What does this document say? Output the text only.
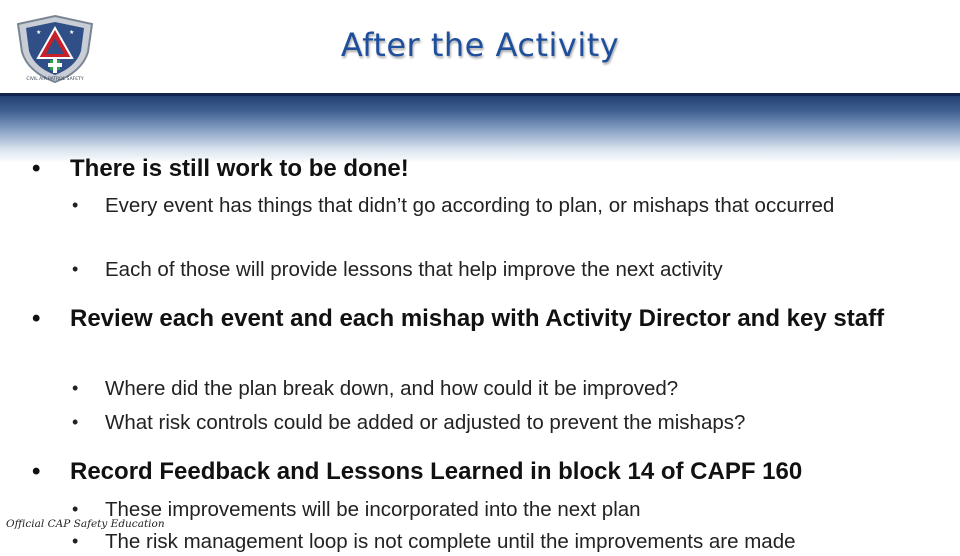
★	★
CIVIL AIR PATROL SAFETY
After the Activity
• There is still work to be done!
• Every event has things that didn’t go according to plan, or mishaps that occurred
• Each of those will provide lessons that help improve the next activity
• Review each event and each mishap with Activity Director and key staff
• Where did the plan break down, and how could it be improved?
• What risk controls could be added or adjusted to prevent the mishaps?
• Record Feedback and Lessons Learned in block 14 of CAPF 160
• These improvements will be incorporated into the next plan
• The risk management loop is not complete until the improvements are made
Official CAP Safety Education
